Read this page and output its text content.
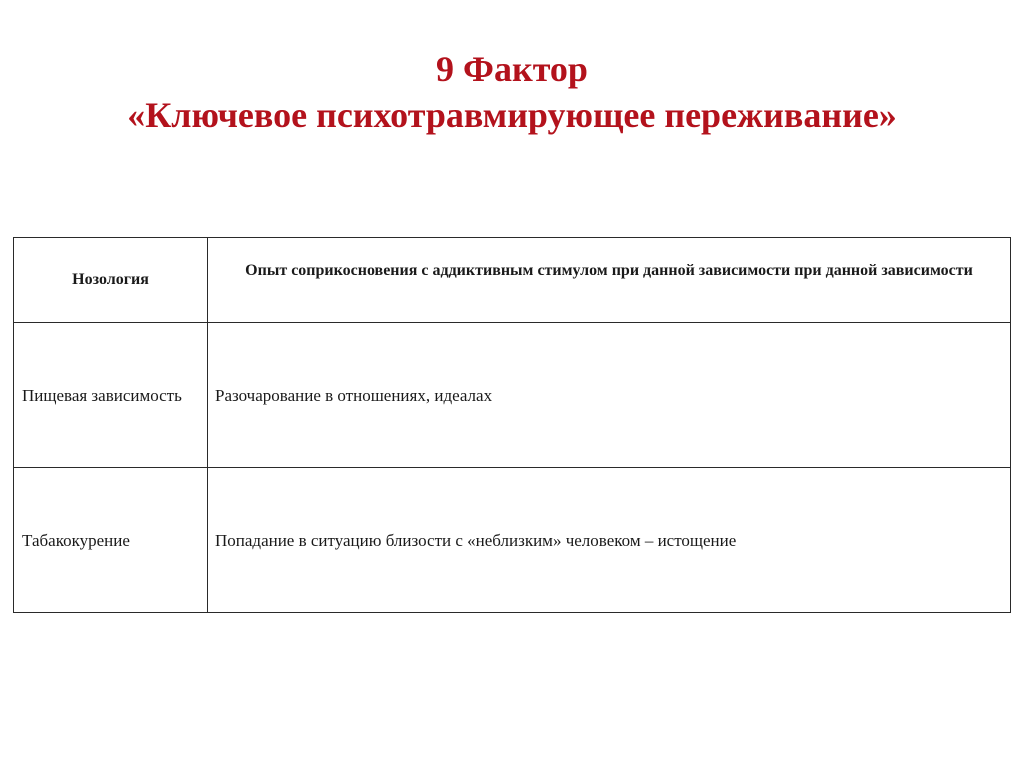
9 Фактор
«Ключевое психотравмирующее переживание»
Нозология	Опыт соприкосновения с аддиктивным стимулом при данной зависимости при данной зависимости
Пищевая зависимость	Разочарование в отношениях, идеалах
Табакокурение	Попадание в ситуацию близости с «неблизким» человеком – истощение
